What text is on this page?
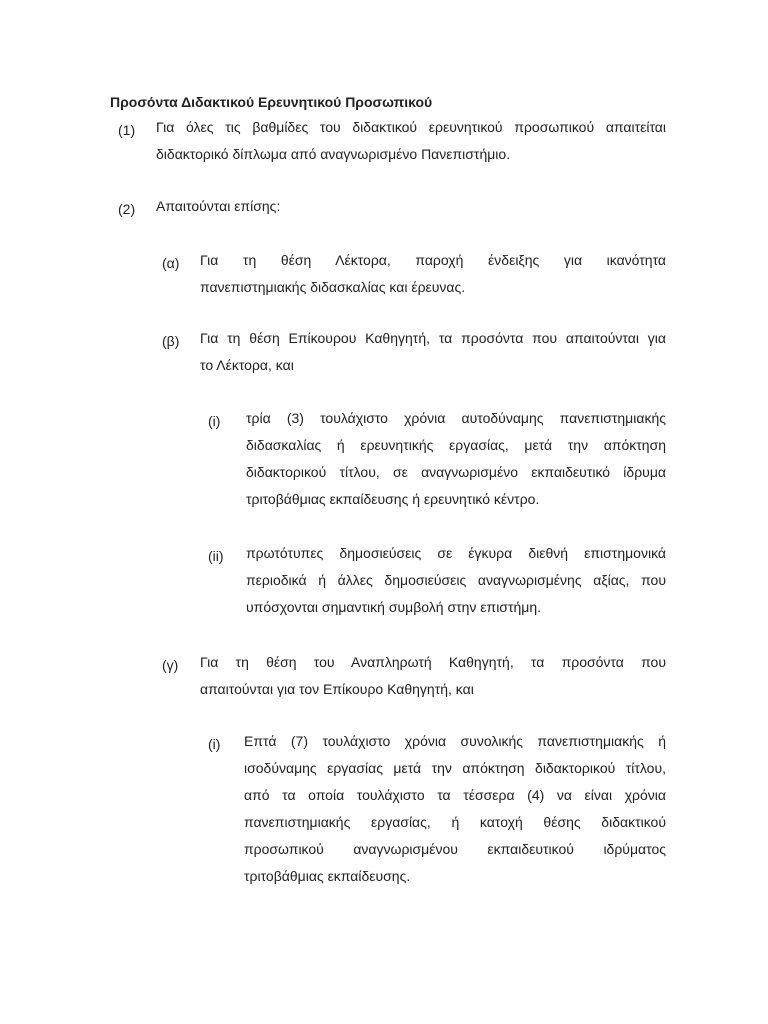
Προσόντα Διδακτικού Ερευνητικού Προσωπικού
(1) Για όλες τις βαθμίδες του διδακτικού ερευνητικού προσωπικού απαιτείται
διδακτορικό δίπλωμα από αναγνωρισμένο Πανεπιστήμιο.
(2) Απαιτούνται επίσης:
(α) Για τη θέση Λέκτορα, παροχή ένδειξης για ικανότητα
πανεπιστημιακής διδασκαλίας και έρευνας.
(β) Για τη θέση Επίκουρου Καθηγητή, τα προσόντα που απαιτούνται για
το Λέκτορα, και
(i) τρία (3) τουλάχιστο χρόνια αυτοδύναμης πανεπιστημιακής
διδασκαλίας ή ερευνητικής εργασίας, μετά την απόκτηση
διδακτορικού τίτλου, σε αναγνωρισμένο εκπαιδευτικό ίδρυμα
τριτοβάθμιας εκπαίδευσης ή ερευνητικό κέντρο.
(ii) πρωτότυπες δημοσιεύσεις σε έγκυρα διεθνή επιστημονικά
περιοδικά ή άλλες δημοσιεύσεις αναγνωρισμένης αξίας, που
υπόσχονται σημαντική συμβολή στην επιστήμη.
(γ) Για τη θέση του Αναπληρωτή Καθηγητή, τα προσόντα που
απαιτούνται για τον Επίκουρο Καθηγητή, και
(i) Επτά (7) τουλάχιστο χρόνια συνολικής πανεπιστημιακής ή
ισοδύναμης εργασίας μετά την απόκτηση διδακτορικού τίτλου,
από τα οποία τουλάχιστο τα τέσσερα (4) να είναι χρόνια
πανεπιστημιακής εργασίας, ή κατοχή θέσης διδακτικού
προσωπικού αναγνωρισμένου εκπαιδευτικού ιδρύματος
τριτοβάθμιας εκπαίδευσης.
